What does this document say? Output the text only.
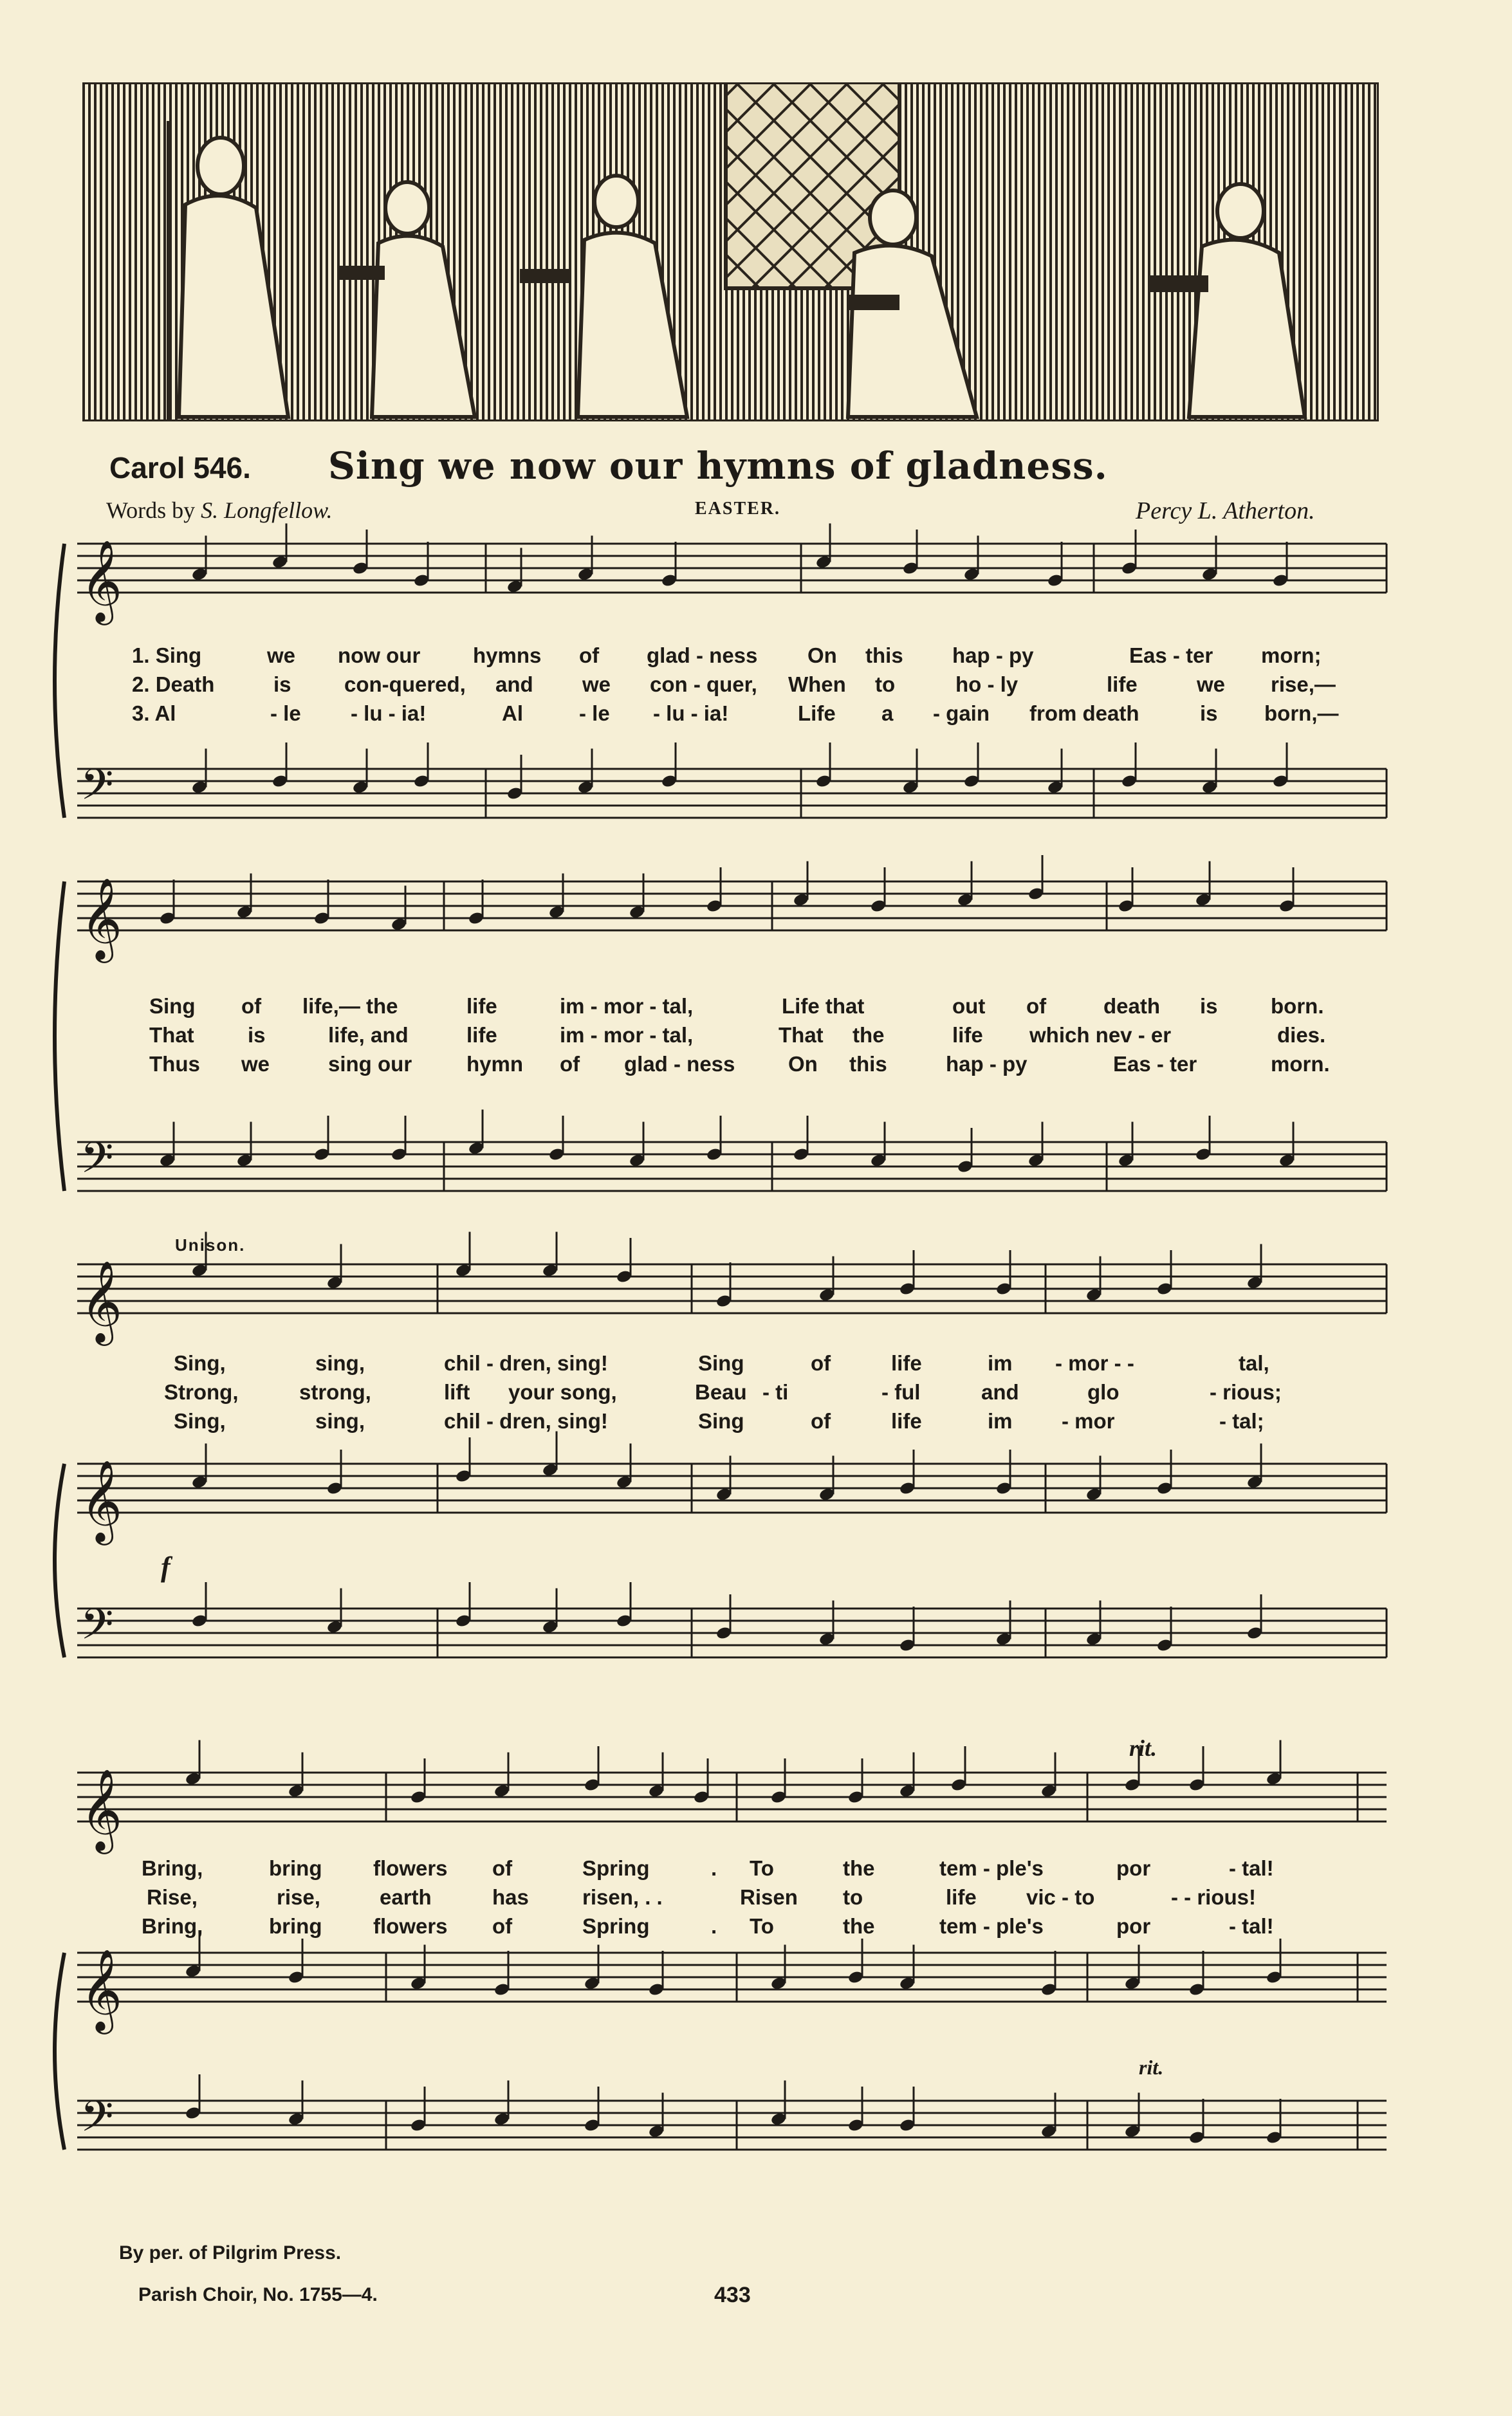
Carol 546. Sing we now our hymns of gladness.
Words by S. Longfellow.	EASTER.	Percy L. Atherton.
𝄞
𝄢
𝄞
𝄢
𝄞
𝄞
𝄢
𝄞
𝄞
𝄢
Unison.
f
rit.
rit.
1. Sing	we now our hymns of glad - ness On this hap - py	Eas - ter morn;
2. Death	is con-quered, and we con - quer, When to	ho - ly	life	we rise,—
3. Al	- le - lu - ia!	Al	- le - lu - ia!	Life a - gain from death	is born,—
Sing of life,— the	life	im - mor - tal,	Life that	out of	death is born.
That	is	life, and	life	im - mor - tal,	That the	life which nev - er	dies.
Thus we	sing our	hymn of glad - ness	On this	hap - py	Eas - ter	morn.
Sing,	sing,	chil - dren, sing!	Sing	of	life	im - mor - -	tal,
Strong,	strong,	lift your song,	Beau - ti	- ful	and	glo	- rious;
Sing,	sing,	chil - dren, sing!	Sing	of	life	im - mor	- tal;
Bring,	bring flowers of	Spring	. To	the	tem - ple's	por	- tal!
Rise,	rise,	earth	has	risen, . .	Risen to	life vic - to	- - rious!
Bring,	bring flowers of	Spring	. To	the	tem - ple's	por	- tal!
By per. of Pilgrim Press.
Parish Choir, No. 1755—4.	433
